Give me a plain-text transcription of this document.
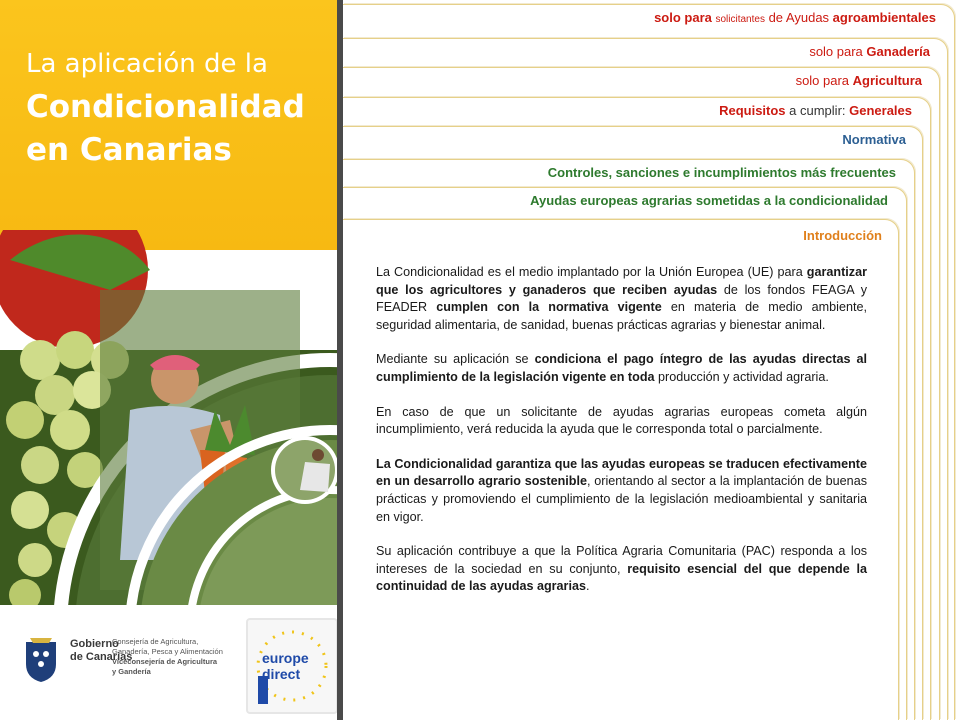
La aplicación de la
Condicionalidad
en Canarias
Gobierno
de Canarias
Consejería de Agricultura,
Ganadería, Pesca y Alimentación
Viceconsejería de Agricultura
y Gandería
europe
direct
solo para solicitantes de Ayudas agroambientales
solo para Ganadería
solo para Agricultura
Requisitos a cumplir: Generales
Normativa
Controles, sanciones e incumplimientos más frecuentes
Ayudas europeas agrarias sometidas a la condicionalidad
Introducción

La Condicionalidad es el medio implantado por la Unión Europea (UE) para garantizar que los agricultores y ganaderos que reciben ayudas de los fondos FEAGA y FEADER cumplen con la normativa vigente en materia de medio ambiente, seguridad alimentaria, de sanidad, buenas prácticas agrarias y bienestar animal.

Mediante su aplicación se condiciona el pago íntegro de las ayudas directas al cumplimiento de la legislación vigente en toda producción y actividad agraria.

En caso de que un solicitante de ayudas agrarias europeas cometa algún incumplimiento, verá reducida la ayuda que le corresponda total o parcialmente.

La Condicionalidad garantiza que las ayudas europeas se traducen efectivamente en un desarrollo agrario sostenible, orientando al sector a la implantación de buenas prácticas y promoviendo el cumplimiento de la legislación medioambiental y sanitaria en vigor.

Su aplicación contribuye a que la Política Agraria Comunitaria (PAC) responda a los intereses de la sociedad en su conjunto, requisito esencial del que depende la continuidad de las ayudas agrarias.
